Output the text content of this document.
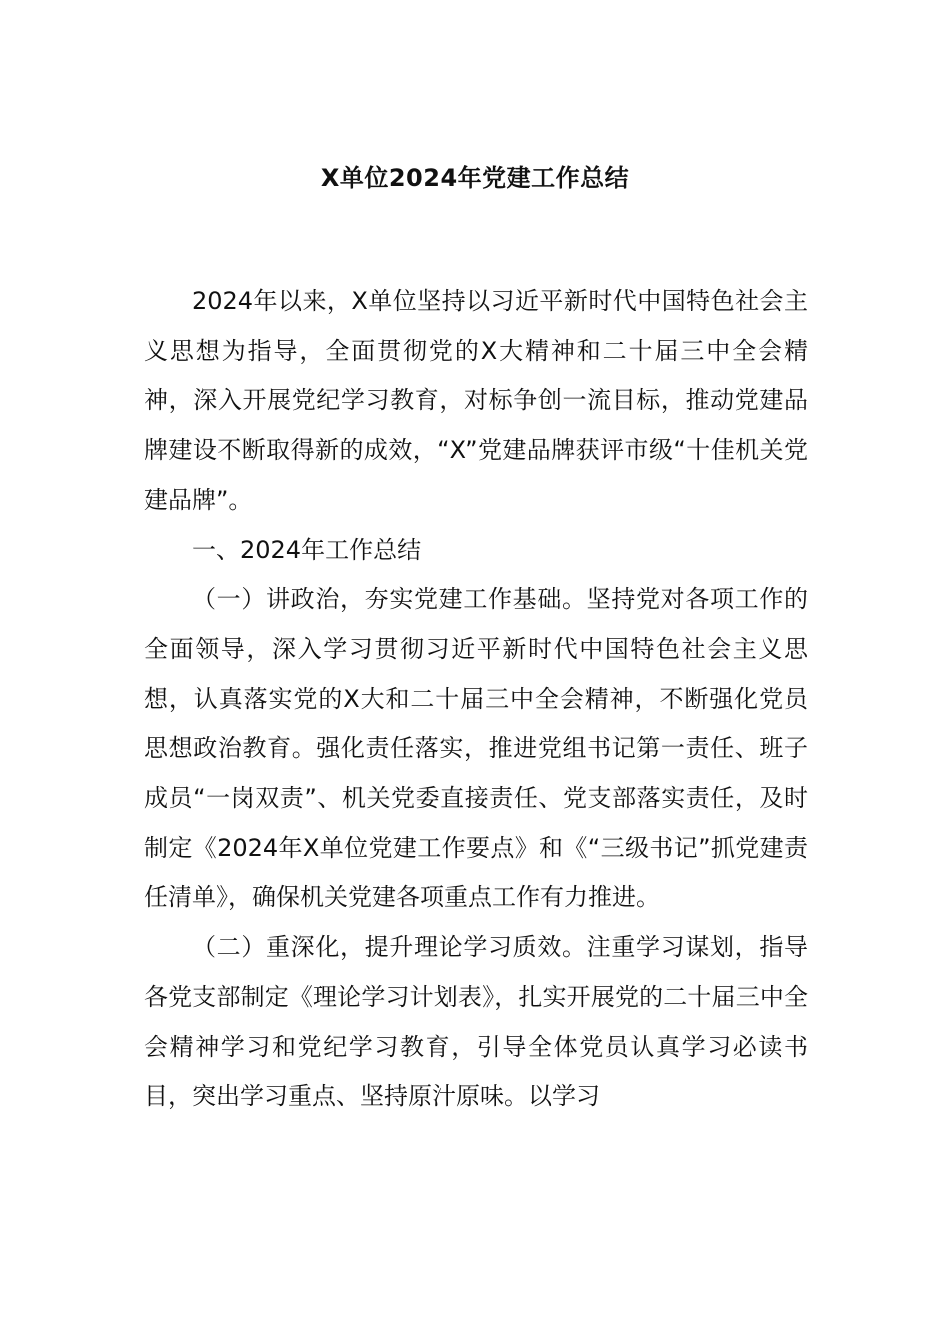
X单位2024年党建工作总结

2024年以来，X单位坚持以习近平新时代中国特色社会主义思想为指导，全面贯彻党的X大精神和二十届三中全会精神，深入开展党纪学习教育，对标争创一流目标，推动党建品牌建设不断取得新的成效，“X”党建品牌获评市级“十佳机关党建品牌”。

一、2024年工作总结

（一）讲政治，夯实党建工作基础。坚持党对各项工作的全面领导，深入学习贯彻习近平新时代中国特色社会主义思想，认真落实党的X大和二十届三中全会精神，不断强化党员思想政治教育。强化责任落实，推进党组书记第一责任、班子成员“一岗双责”、机关党委直接责任、党支部落实责任，及时制定《2024年X单位党建工作要点》和《“三级书记”抓党建责任清单》，确保机关党建各项重点工作有力推进。

（二）重深化，提升理论学习质效。注重学习谋划，指导各党支部制定《理论学习计划表》，扎实开展党的二十届三中全会精神学习和党纪学习教育，引导全体党员认真学习必读书目，突出学习重点、坚持原汁原味。以学习
